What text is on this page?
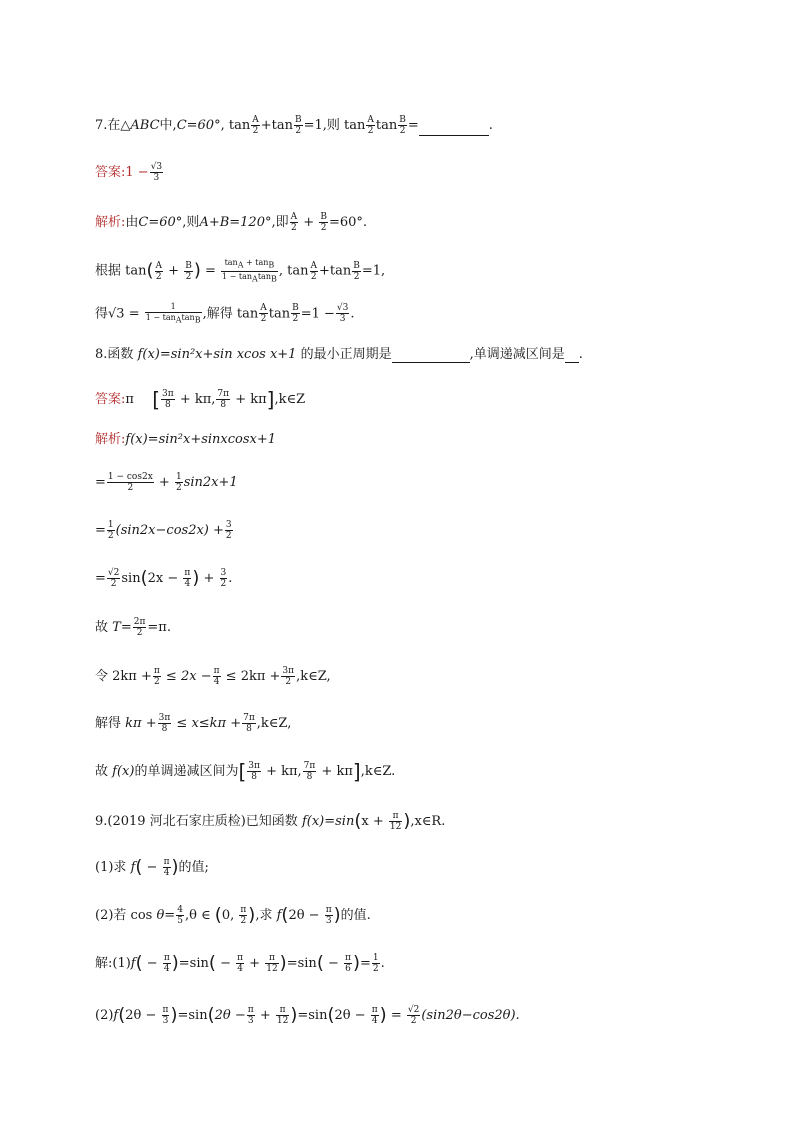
7.在△ABC中,C=60°, $\tan \frac{A}{2} +\tan \frac{B}{2} =1$,则 $\tan \frac{A}{2}$ $\tan \frac{B}{2}$ =	.
答案:1 − $\frac{√3}{3}$
解析:由C=60°,则A+B=120°,即 $\frac{A}{2} + \frac{B}{2} =60^\circ$.
根据 $\tan( \frac{A}{2} + \frac{B}{2}$ ) = $\frac{\tan_A + \tan_B}{1 - \tan_A\tan_B}$ , $\tan \frac{A}{2} +\tan \frac{B}{2} =1$,
得$√3 = \frac{1}{1 - \tan_A\tan_B}$ ,解得 $\tan \frac{A}{2}$ $\tan \frac{B}{2} =1 - \frac{√3}{3}$ .
8.函数 f(x)=sin²x+sin xcos x+1 的最小正周期是	,单调递减区间是 .
答案:π [ $\frac{3\pi}{8} + k\pi$, $\frac{7\pi}{8}$ + kπ],k∈Z
解析:f(x)=sin²x+sinxcosx+1
= $\frac{1 - \cos 2x}{2} + \frac{1}{2} \sin 2x+1$
= $\frac{1}{2} (\sin 2x-\cos 2x) + \frac{3}{2}$
= $\frac{√2}{2} \sin(2x - \frac{\pi}{4}$ ) + $\frac{3}{2}$ .
故 $T= \frac{2\pi}{2} =\pi$.
令 $2k\pi + \frac{\pi}{2} \le 2x - \frac{\pi}{4} \le 2k\pi + \frac{3\pi}{2}$ ,k∈Z,
解得 $k\pi + \frac{3\pi}{8} \le x\le k\pi + \frac{7\pi}{8}$ ,k∈Z,
故 f(x)的单调递减区间为[ $\frac{3\pi}{8} + k\pi$, $\frac{7\pi}{8}$ + kπ],k∈Z.
9.(2019 河北石家庄质检)已知函数 $f(x)=\sin(x + \frac{\pi}{12}$ ),x∈R.
(1)求 $f( - \frac{\pi}{4}$ )的值;
(2)若 $\cos \theta= \frac{4}{5} ,\theta$ ∈ (0, $\frac{\pi}{2}$ ),求 $f(2\theta - \frac{\pi}{3}$ )的值.
解:(1)f( − $\frac{\pi}{4} )=\sin( - \frac{\pi}{4} + \frac{\pi}{12} )=\sin( - \frac{\pi}{6}$ )= $\frac{1}{2}$ .
$(2)f(2\theta - \frac{\pi}{3} )=\sin(2\theta - \frac{\pi}{3} + \frac{\pi}{12} )=\sin(2\theta - \frac{\pi}{4}$ ) = $\frac{√2}{2} (\sin 2\theta-\cos 2\theta)$.
